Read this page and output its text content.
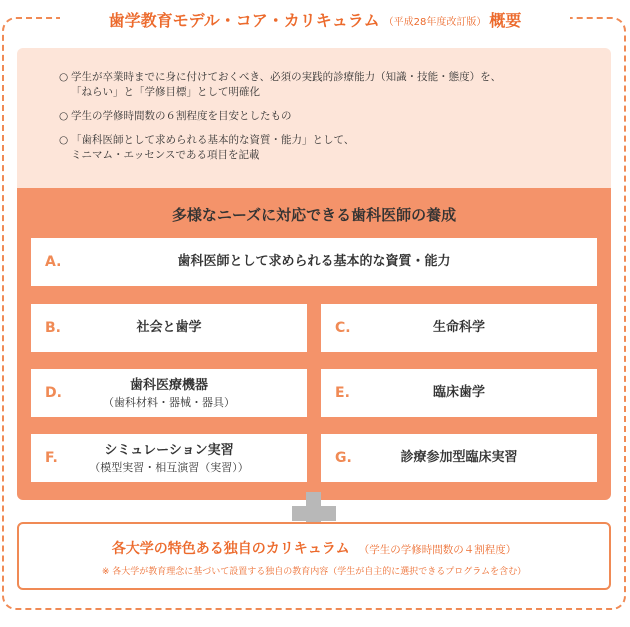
歯学教育モデル・コア・カリキュラム （平成28年度改訂版） 概要
○ 学生が卒業時までに身に付けておくべき、必須の実践的診療能力（知識・技能・態度）を、
「ねらい」と「学修目標」として明確化
○ 学生の学修時間数の６割程度を目安としたもの
○ 「歯科医師として求められる基本的な資質・能力」として、
ミニマム・エッセンスである項目を記載
多様なニーズに対応できる歯科医師の養成
A.	歯科医師として求められる基本的な資質・能力
B.	社会と歯学	C.	生命科学
D.	歯科医療機器
（歯科材料・器械・器具）
E.	臨床歯学
F.	シミュレーション実習
（模型実習・相互演習（実習））
G.	診療参加型臨床実習
各大学の特色ある独自のカリキュラム （学生の学修時間数の４割程度）
※ 各大学が教育理念に基づいて設置する独自の教育内容（学生が自主的に選択できるプログラムを含む）
